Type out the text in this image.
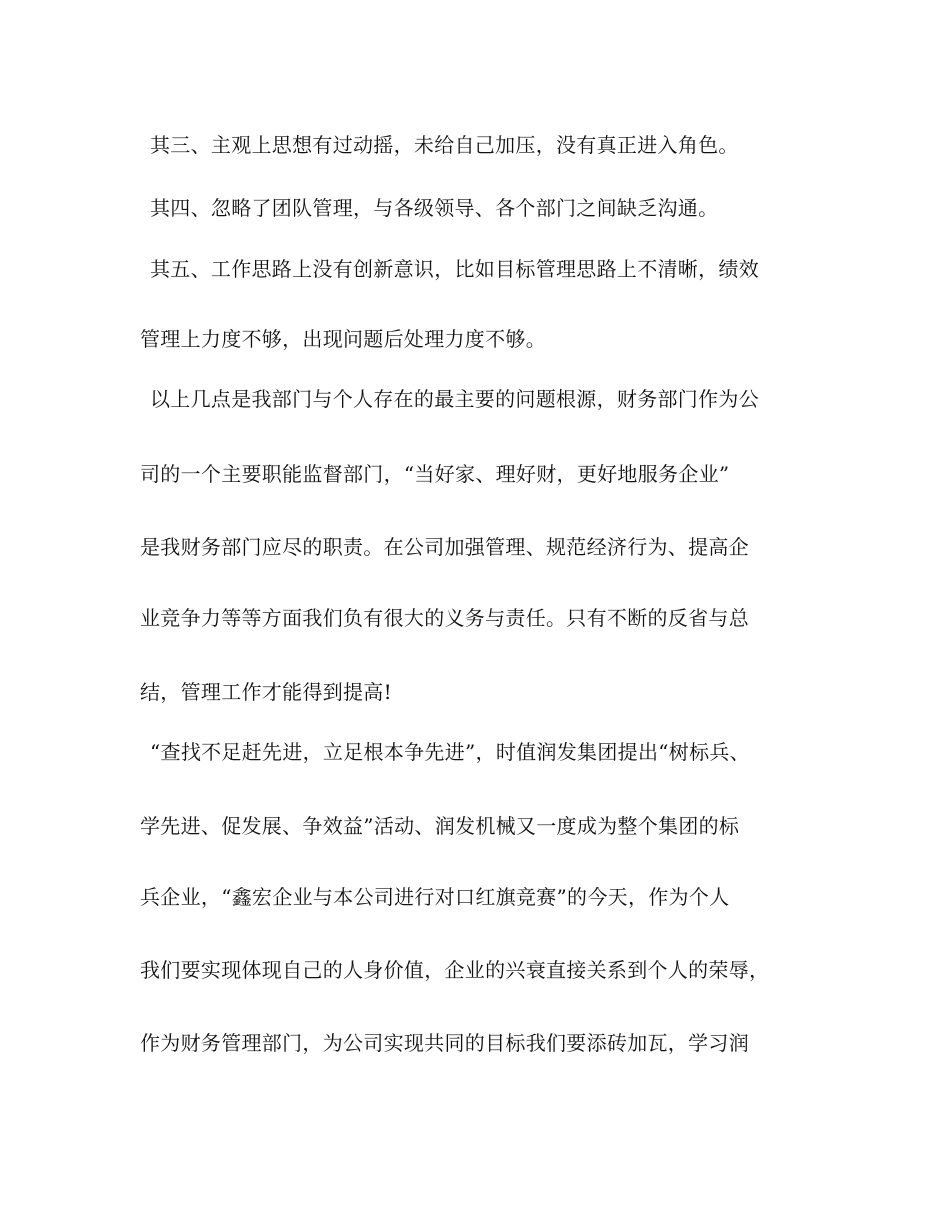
其三、主观上思想有过动摇，未给自己加压，没有真正进入角色。
其四、忽略了团队管理，与各级领导、各个部门之间缺乏沟通。
其五、工作思路上没有创新意识，比如目标管理思路上不清晰，绩效
管理上力度不够，出现问题后处理力度不够。
以上几点是我部门与个人存在的最主要的问题根源，财务部门作为公
司的一个主要职能监督部门，“当好家、理好财，更好地服务企业”
是我财务部门应尽的职责。在公司加强管理、规范经济行为、提高企
业竞争力等等方面我们负有很大的义务与责任。只有不断的反省与总
结，管理工作才能得到提高!
“查找不足赶先进，立足根本争先进”，时值润发集团提出“树标兵、
学先进、促发展、争效益”活动、润发机械又一度成为整个集团的标
兵企业，“鑫宏企业与本公司进行对口红旗竞赛”的今天，作为个人
我们要实现体现自己的人身价值，企业的兴衰直接关系到个人的荣辱，
作为财务管理部门，为公司实现共同的目标我们要添砖加瓦，学习润
